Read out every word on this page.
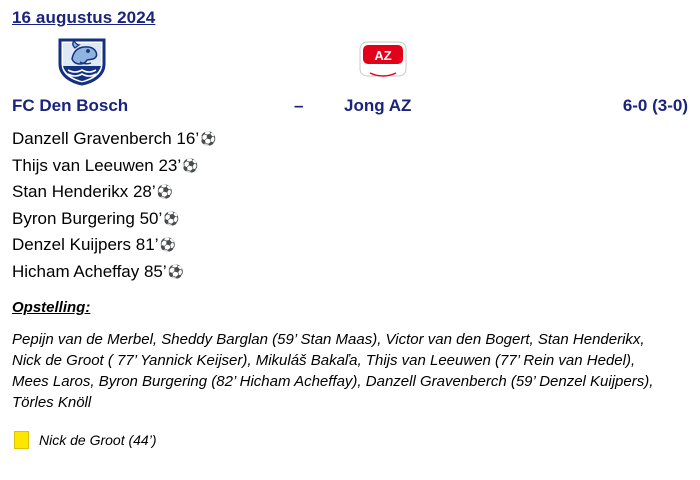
16 augustus 2024
AZ
FC Den Bosch	– Jong AZ	6-0 (3-0)
Danzell Gravenberch 16’⚽
Thijs van Leeuwen 23’⚽
Stan Henderikx 28’⚽
Byron Burgering 50’⚽
Denzel Kuijpers 81’⚽
Hicham Acheffay 85’⚽
Opstelling:
Pepijn van de Merbel, Sheddy Barglan (59’ Stan Maas), Victor van den Bogert, Stan Henderikx, Nick de Groot ( 77’ Yannick Keijser), Mikuláš Bakaľa, Thijs van Leeuwen (77’ Rein van Hedel), Mees Laros, Byron Burgering (82’ Hicham Acheffay), Danzell Gravenberch (59’ Denzel Kuijpers), Törles Knöll
Nick de Groot (44’)
